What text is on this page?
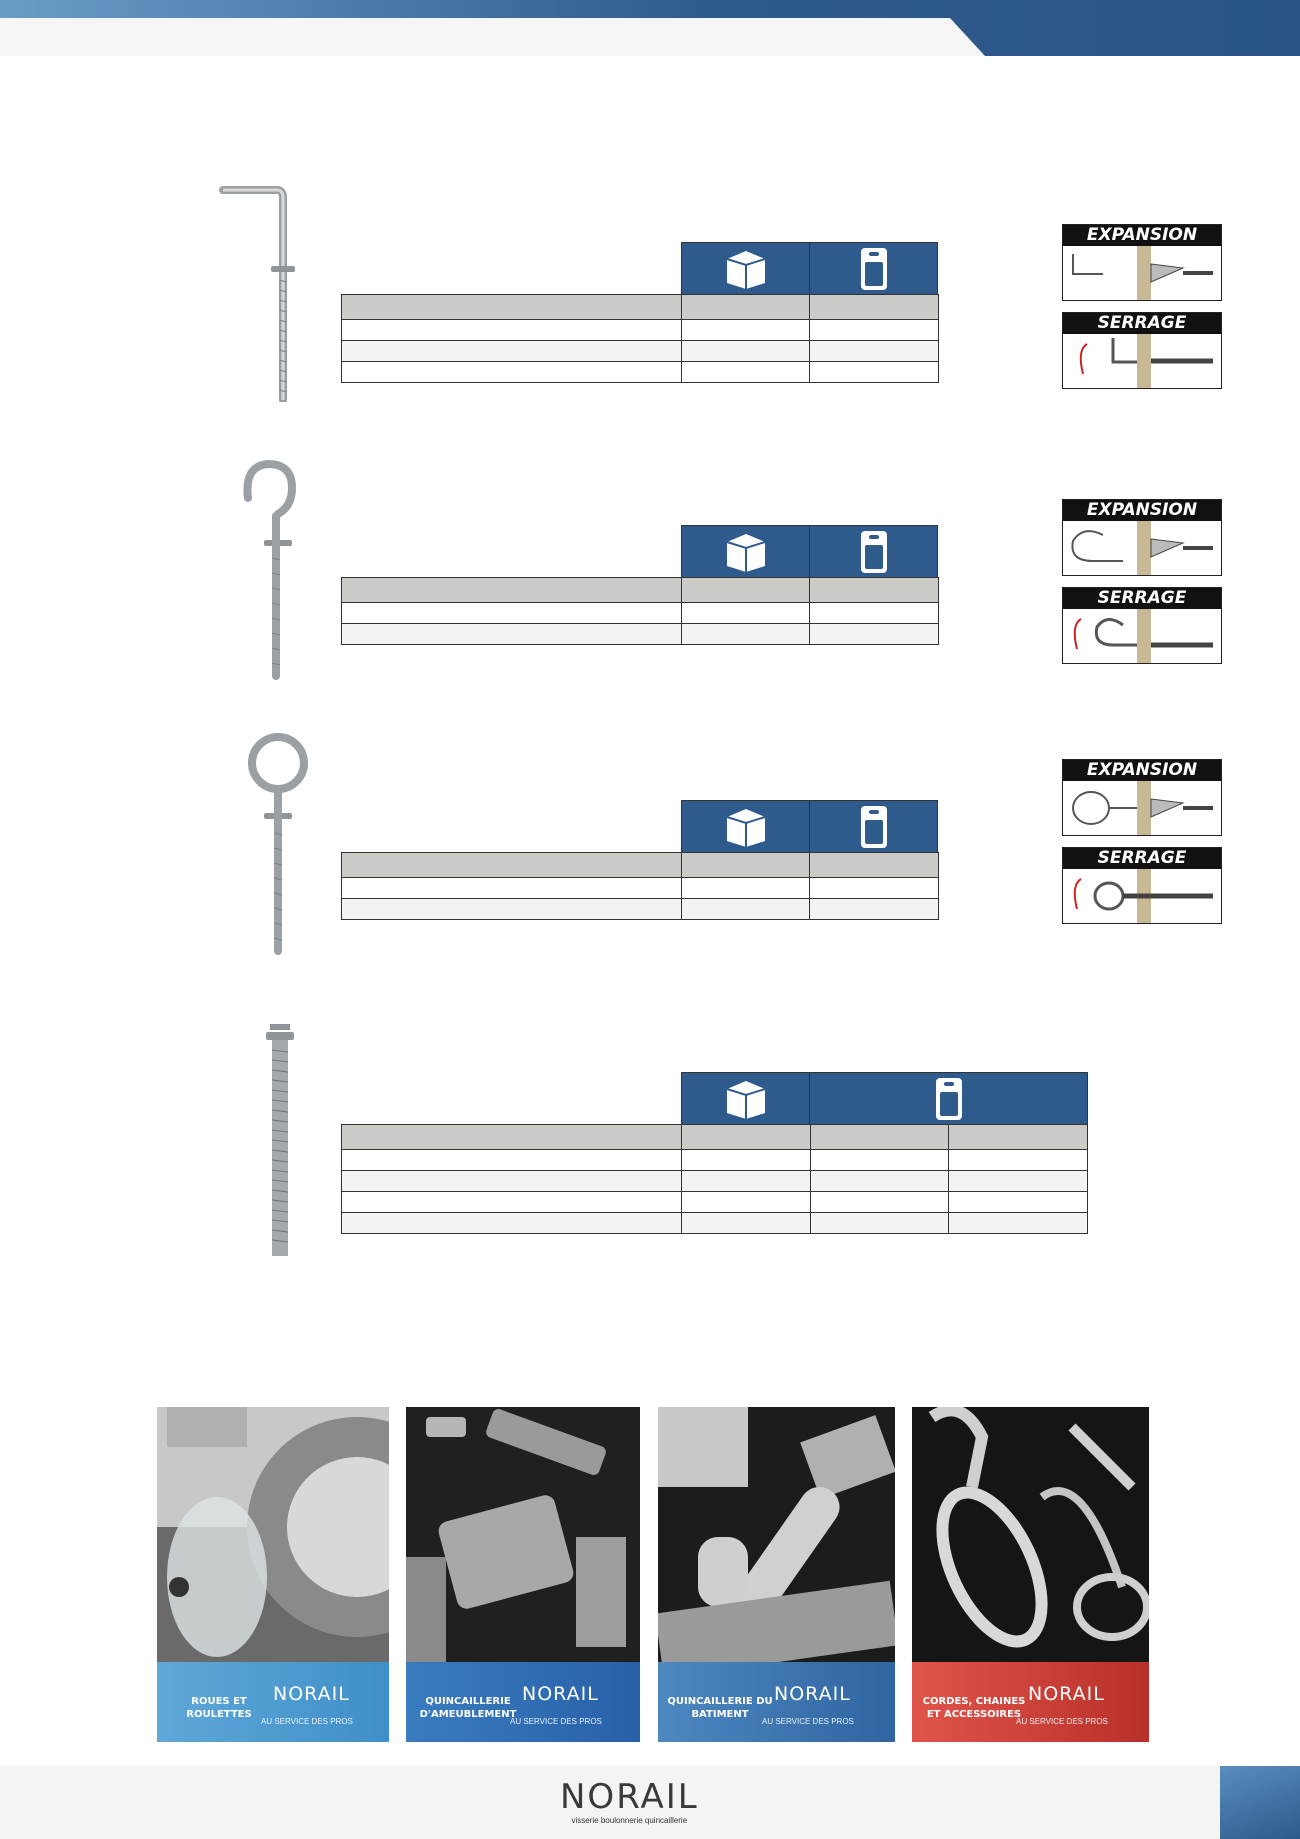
EXPANSION
SERRAGE

EXPANSION
SERRAGE

EXPANSION
SERRAGE

ROUES ET ROULETTES
NORAIL
AU SERVICE DES PROS
QUINCAILLERIE D'AMEUBLEMENT
NORAIL
AU SERVICE DES PROS
QUINCAILLERIE DU BATIMENT
NORAIL
AU SERVICE DES PROS
CORDES, CHAINES ET ACCESSOIRES
NORAIL
AU SERVICE DES PROS
NORAIL
visserie boulonnerie quincaillerie
